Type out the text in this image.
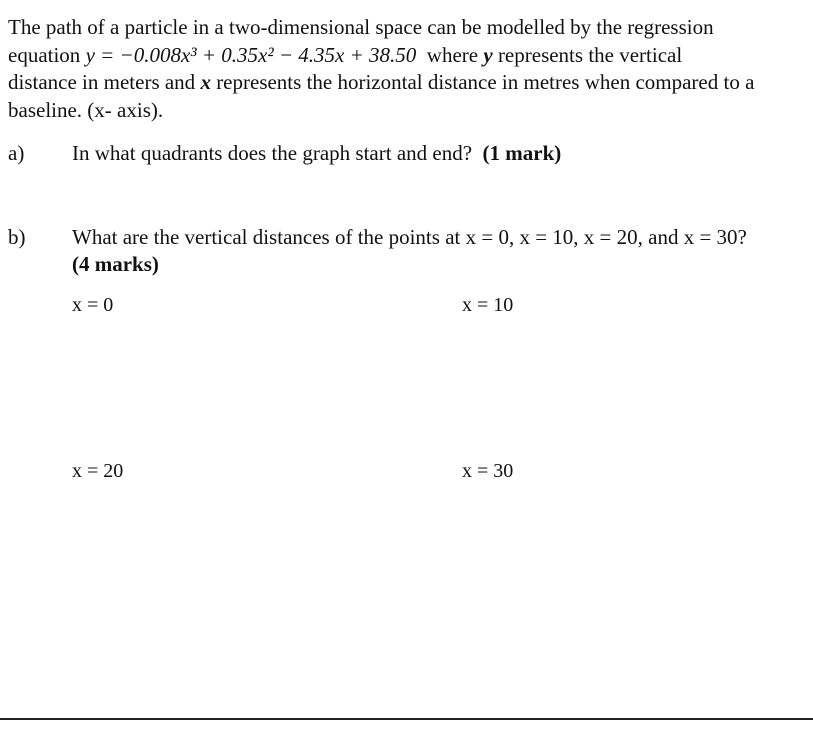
The path of a particle in a two-dimensional space can be modelled by the regression
equation y = −0.008x³ + 0.35x² − 4.35x + 38.50  where y represents the vertical
distance in meters and x represents the horizontal distance in metres when compared to a
baseline. (x- axis).

a) In what quadrants does the graph start and end? (1 mark)
b) What are the vertical distances of the points at x = 0, x = 10, x = 20, and x = 30?
(4 marks)
x = 0	x = 10
x = 20	x = 30
